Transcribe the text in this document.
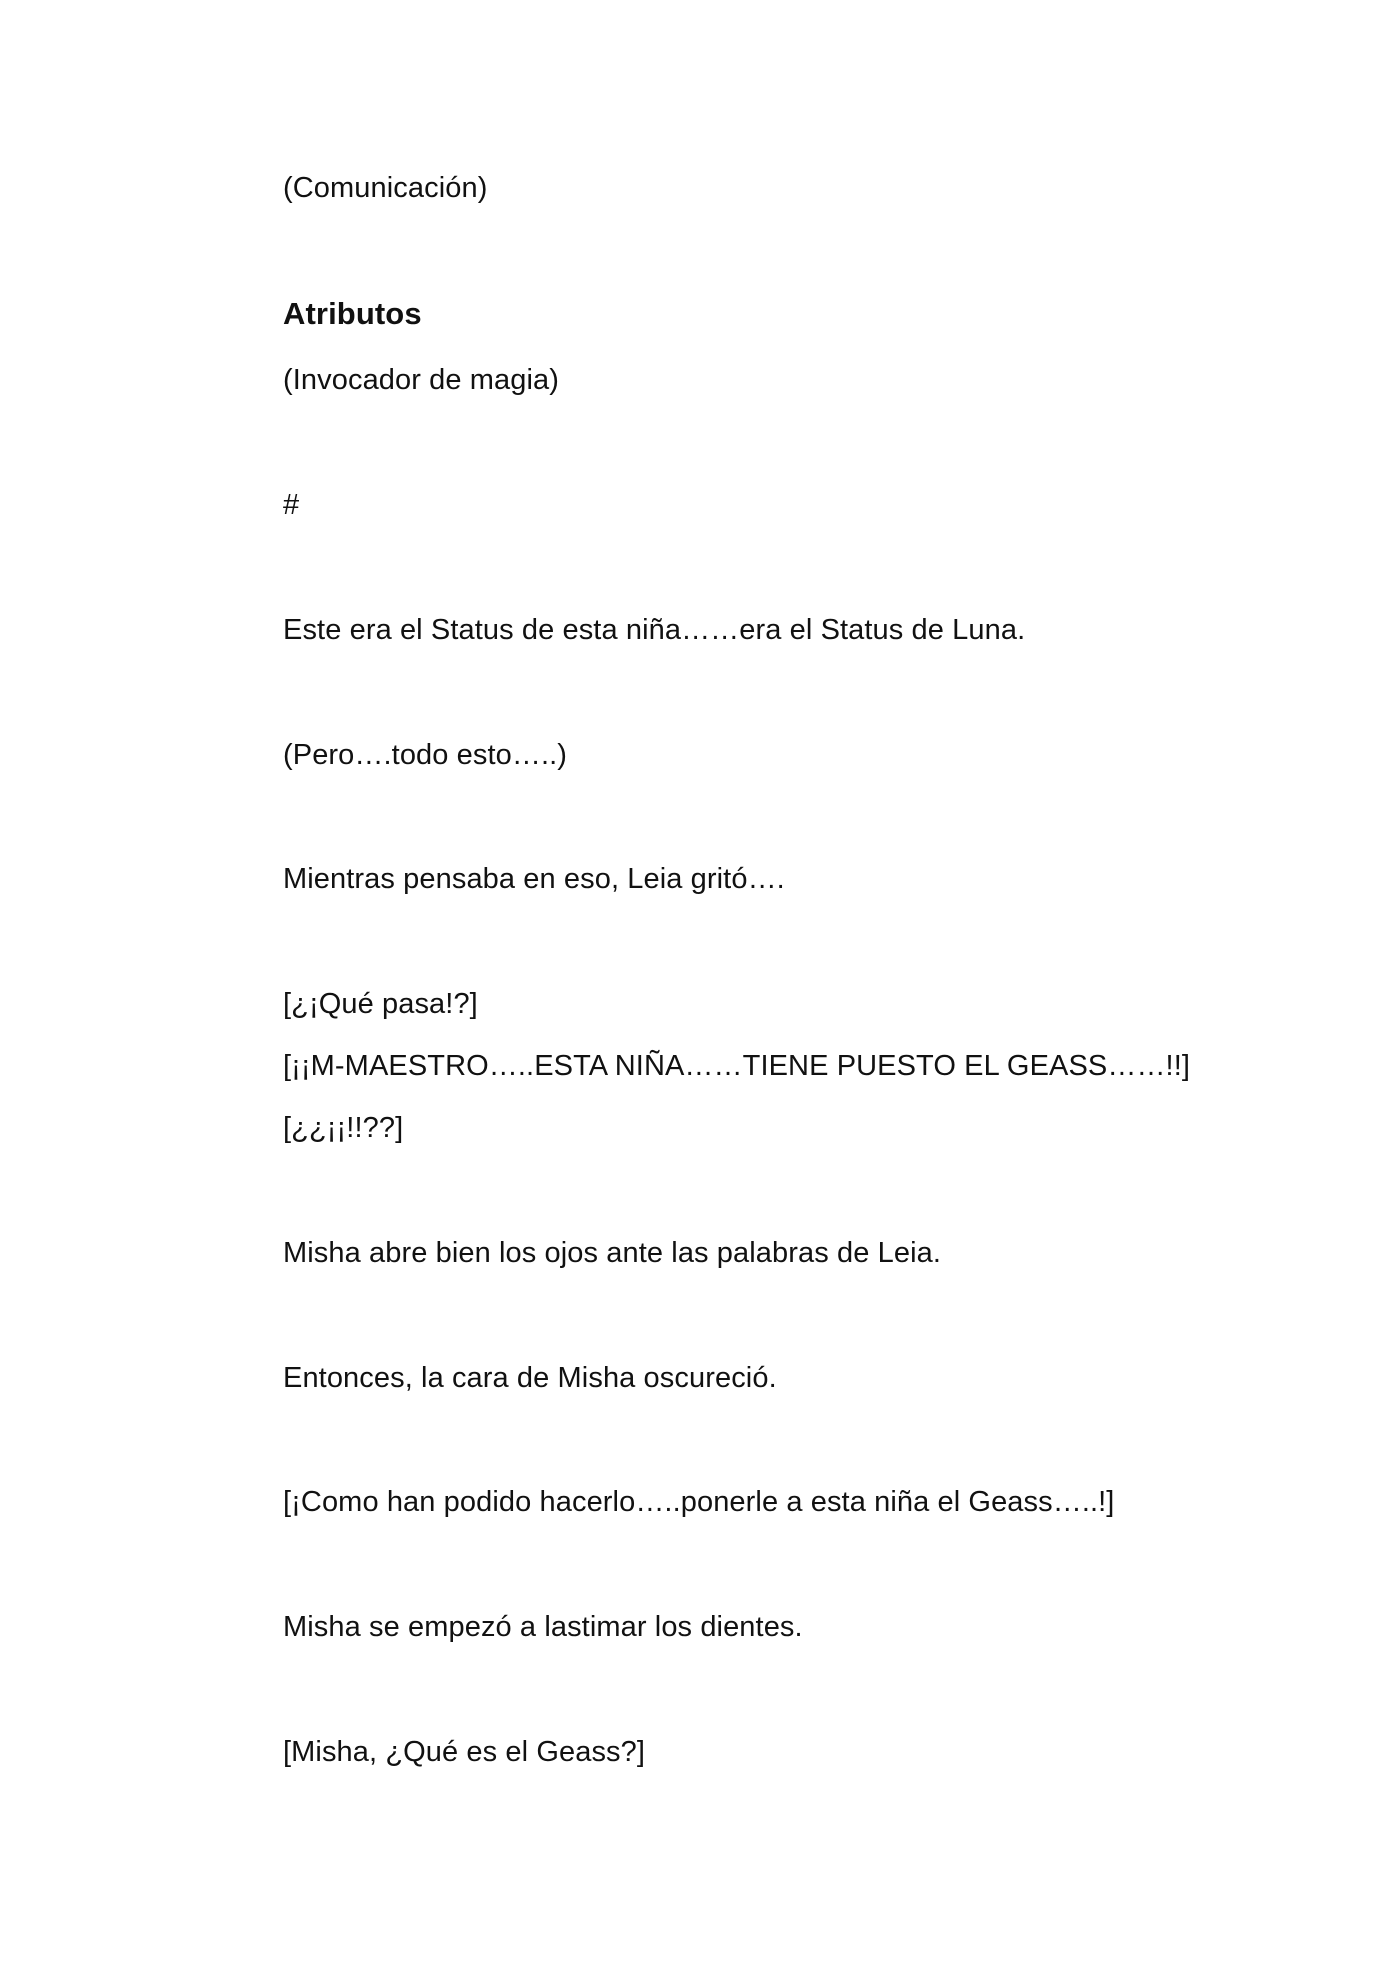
(Comunicación)
Atributos
(Invocador de magia)
#
Este era el Status de esta niña……era el Status de Luna.
(Pero….todo esto…..)
Mientras pensaba en eso, Leia gritó….
[¿¡Qué pasa!?]
[¡¡M-MAESTRO…..ESTA NIÑA……TIENE PUESTO EL GEASS……!!]
[¿¿¡¡!!??]
Misha abre bien los ojos ante las palabras de Leia.
Entonces, la cara de Misha oscureció.
[¡Como han podido hacerlo…..ponerle a esta niña el Geass…..!]
Misha se empezó a lastimar los dientes.
[Misha, ¿Qué es el Geass?]
